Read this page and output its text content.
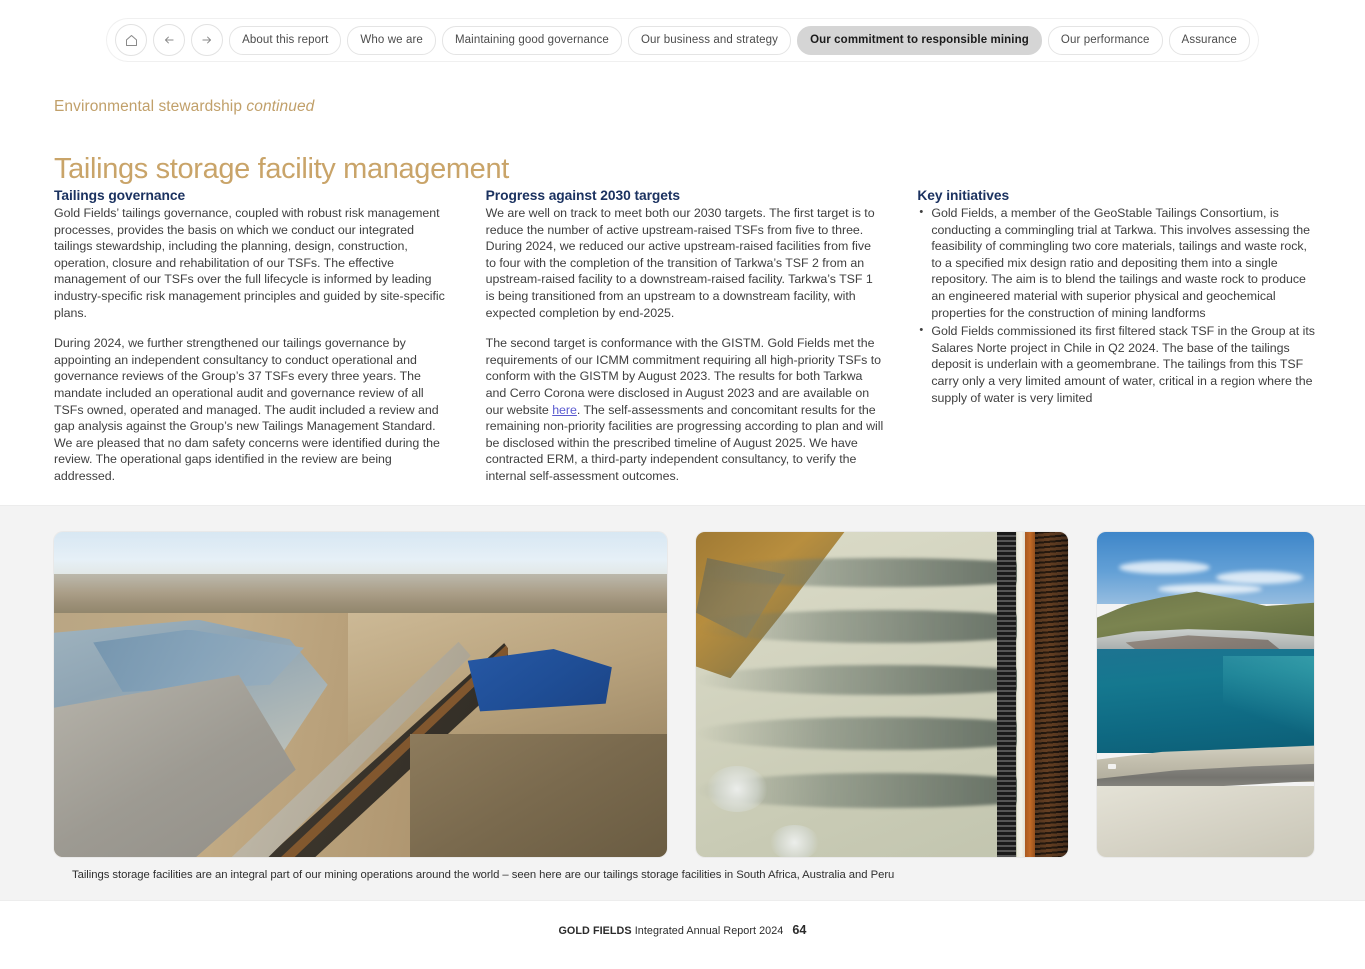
About this report	Who we are	Maintaining good governance	Our business and strategy	Our commitment to responsible mining	Our performance	Assurance
Environmental stewardship continued
Tailings storage facility management
Tailings governance

Gold Fields’ tailings governance, coupled with robust risk management processes, provides the basis on which we conduct our integrated tailings stewardship, including the planning, design, construction, operation, closure and rehabilitation of our TSFs. The effective management of our TSFs over the full lifecycle is informed by leading industry-specific risk management principles and guided by site-specific plans.

During 2024, we further strengthened our tailings governance by appointing an independent consultancy to conduct operational and governance reviews of the Group’s 37 TSFs every three years. The mandate included an operational audit and governance review of all TSFs owned, operated and managed. The audit included a review and gap analysis against the Group’s new Tailings Management Standard. We are pleased that no dam safety concerns were identified during the review. The operational gaps identified in the review are being addressed.

Progress against 2030 targets

We are well on track to meet both our 2030 targets. The first target is to reduce the number of active upstream-raised TSFs from five to three. During 2024, we reduced our active upstream-raised facilities from five to four with the completion of the transition of Tarkwa’s TSF 2 from an upstream-raised facility to a downstream-raised facility. Tarkwa’s TSF 1 is being transitioned from an upstream to a downstream facility, with expected completion by end-2025.

The second target is conformance with the GISTM. Gold Fields met the requirements of our ICMM commitment requiring all high-priority TSFs to conform with the GISTM by August 2023. The results for both Tarkwa and Cerro Corona were disclosed in August 2023 and are available on our website here. The self-assessments and concomitant results for the remaining non-priority facilities are progressing according to plan and will be disclosed within the prescribed timeline of August 2025. We have contracted ERM, a third-party independent consultancy, to verify the internal self-assessment outcomes.

Key initiatives
• Gold Fields, a member of the GeoStable Tailings Consortium, is conducting a commingling trial at Tarkwa. This involves assessing the feasibility of commingling two core materials, tailings and waste rock, to a specified mix design ratio and depositing them into a single repository. The aim is to blend the tailings and waste rock to produce an engineered material with superior physical and geochemical properties for the construction of mining landforms
• Gold Fields commissioned its first filtered stack TSF in the Group at its Salares Norte project in Chile in Q2 2024. The base of the tailings deposit is underlain with a geomembrane. The tailings from this TSF carry only a very limited amount of water, critical in a region where the supply of water is very limited
Tailings storage facilities are an integral part of our mining operations around the world – seen here are our tailings storage facilities in South Africa, Australia and Peru
GOLD FIELDS Integrated Annual Report 2024 64
